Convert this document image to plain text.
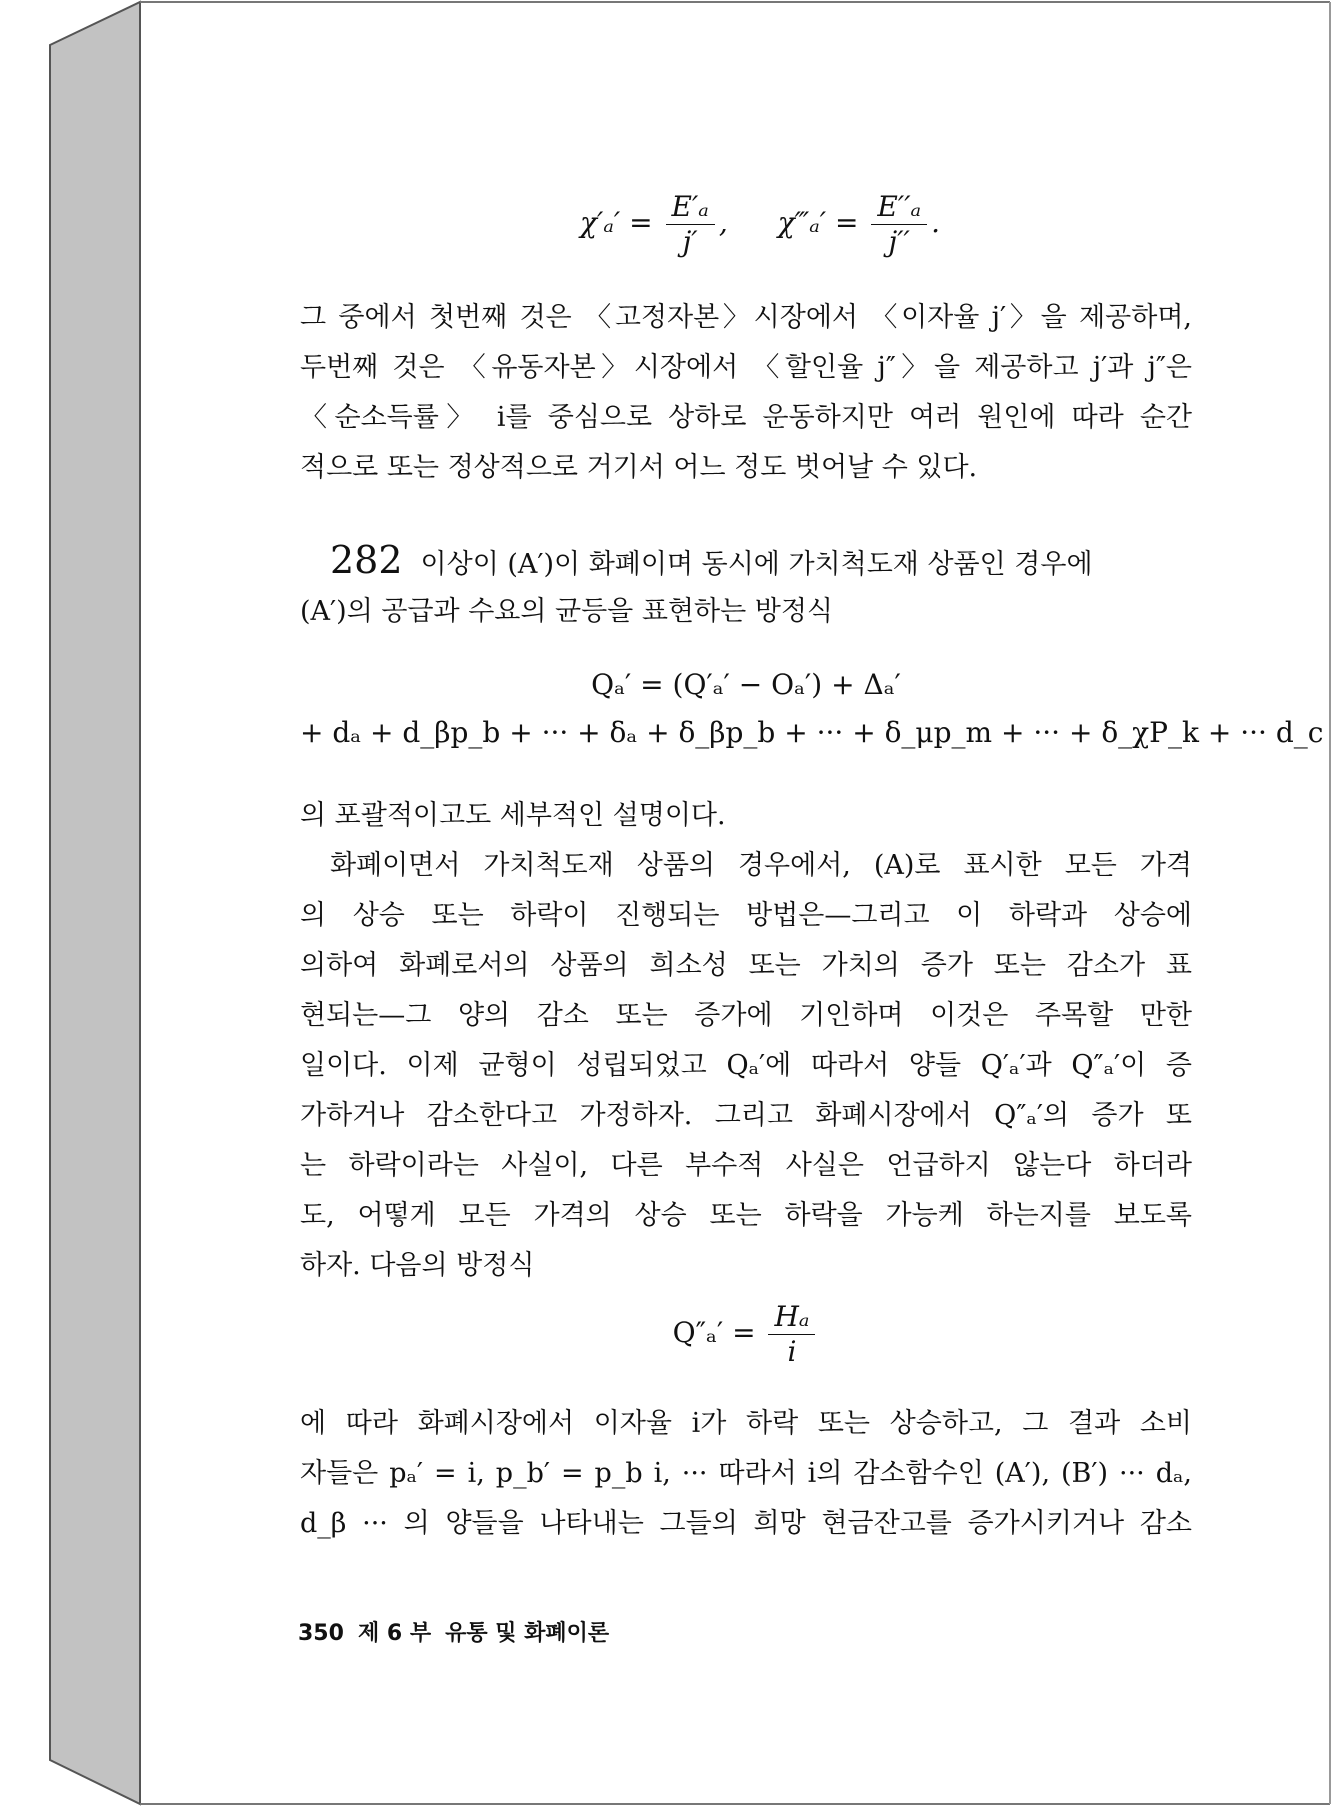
$\chi'_a' = \frac{\text{E′ₐ}}{j'}$ , χ‴ₐ′ = $\frac{\text{E′′ₐ}}{j''}$ .
그 중에서 첫번째 것은 〈고정자본〉시장에서 〈이자율 j′〉을 제공하며,
두번째 것은 〈유동자본〉시장에서 〈할인율 j″〉을 제공하고 j′과 j″은
〈순소득률〉 i를 중심으로 상하로 운동하지만 여러 원인에 따라 순간
적으로 또는 정상적으로 거기서 어느 정도 벗어날 수 있다.
282 이상이 (A′)이 화폐이며 동시에 가치척도재 상품인 경우에
(A′)의 공급과 수요의 균등을 표현하는 방정식
Qₐ′ = (Q′ₐ′ − Oₐ′) + Δₐ′
+ dₐ + d_βp_b + ··· + δₐ + δ_βp_b + ··· + δ_μp_m + ··· + δ_χP_k + ··· d_c
의 포괄적이고도 세부적인 설명이다.
화폐이면서 가치척도재 상품의 경우에서, (A)로 표시한 모든 가격
의 상승 또는 하락이 진행되는 방법은—그리고 이 하락과 상승에
의하여 화폐로서의 상품의 희소성 또는 가치의 증가 또는 감소가 표
현되는—그 양의 감소 또는 증가에 기인하며 이것은 주목할 만한
일이다. 이제 균형이 성립되었고 Qₐ′에 따라서 양들 Q′ₐ′과 Q″ₐ′이 증
가하거나 감소한다고 가정하자. 그리고 화폐시장에서 Q″ₐ′의 증가 또
는 하락이라는 사실이, 다른 부수적 사실은 언급하지 않는다 하더라
도, 어떻게 모든 가격의 상승 또는 하락을 가능케 하는지를 보도록
하자. 다음의 방정식
$Q''_a' = \frac{\text{Hₐ}}{i}$
에 따라 화폐시장에서 이자율 i가 하락 또는 상승하고, 그 결과 소비
자들은 pₐ′ = i, p_b′ = p_b i, ··· 따라서 i의 감소함수인 (A′), (B′) ··· dₐ,
d_β ··· 의 양들을 나타내는 그들의 희망 현금잔고를 증가시키거나 감소
350 제 6 부 유통 및 화폐이론
